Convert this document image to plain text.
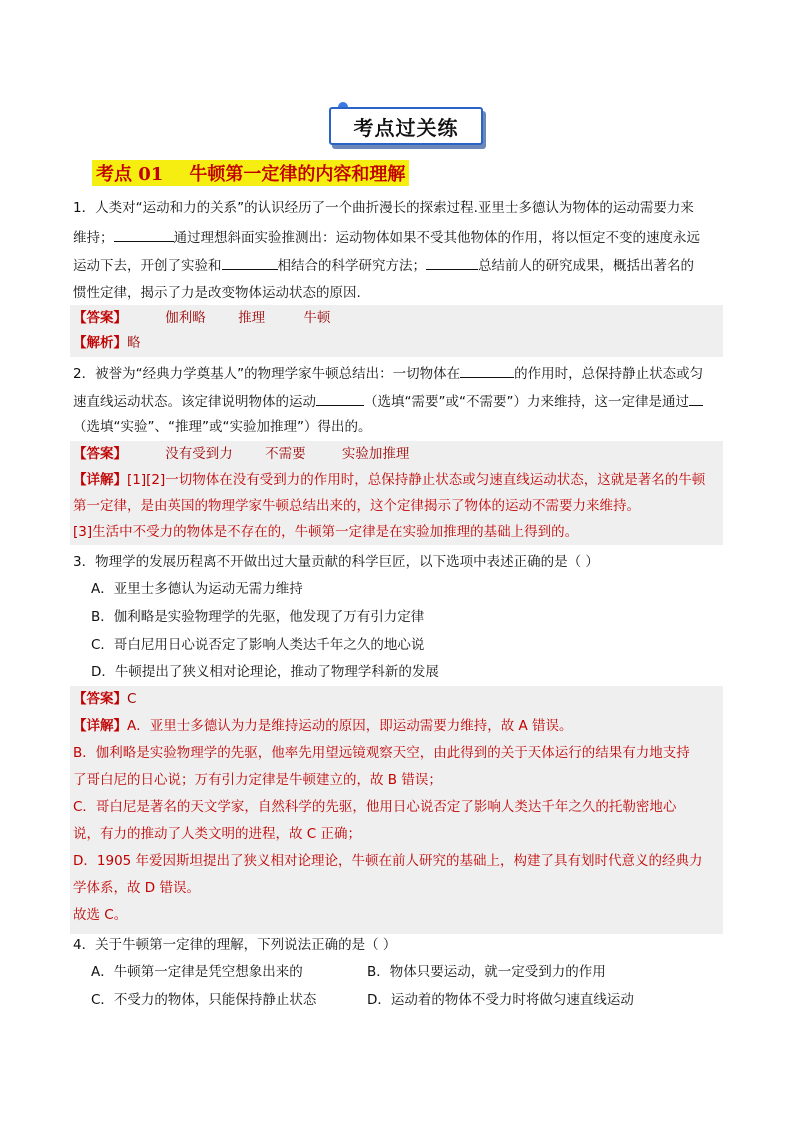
考点过关练
考点 01 牛顿第一定律的内容和理解
1．人类对“运动和力的关系”的认识经历了一个曲折漫长的探索过程.亚里士多德认为物体的运动需要力来
维持；	通过理想斜面实验推测出：运动物体如果不受其他物体的作用，将以恒定不变的速度永远
运动下去，开创了实验和	相结合的科学研究方法；	总结前人的研究成果，概括出著名的
惯性定律，揭示了力是改变物体运动状态的原因.
【答案】	伽利略 推理	牛顿
【解析】略
2．被誉为“经典力学奠基人”的物理学家牛顿总结出：一切物体在	的作用时，总保持静止状态或匀
速直线运动状态。该定律说明物体的运动	（选填“需要”或“不需要”）力来维持，这一定律是通过
（选填“实验”、“推理”或“实验加推理”）得出的。
【答案】	没有受到力 不需要	实验加推理
【详解】[1][2]一切物体在没有受到力的作用时，总保持静止状态或匀速直线运动状态，这就是著名的牛顿
第一定律，是由英国的物理学家牛顿总结出来的，这个定律揭示了物体的运动不需要力来维持。
[3]生活中不受力的物体是不存在的，牛顿第一定律是在实验加推理的基础上得到的。
3．物理学的发展历程离不开做出过大量贡献的科学巨匠，以下选项中表述正确的是（ ）
A．亚里士多德认为运动无需力维持
B．伽利略是实验物理学的先驱，他发现了万有引力定律
C．哥白尼用日心说否定了影响人类达千年之久的地心说
D．牛顿提出了狭义相对论理论，推动了物理学科新的发展
【答案】C
【详解】A．亚里士多德认为力是维持运动的原因，即运动需要力维持，故 A 错误。
B．伽利略是实验物理学的先驱，他率先用望远镜观察天空，由此得到的关于天体运行的结果有力地支持
了哥白尼的日心说；万有引力定律是牛顿建立的，故 B 错误；
C．哥白尼是著名的天文学家，自然科学的先驱，他用日心说否定了影响人类达千年之久的托勒密地心
说，有力的推动了人类文明的进程，故 C 正确；
D．1905 年爱因斯坦提出了狭义相对论理论，牛顿在前人研究的基础上，构建了具有划时代意义的经典力
学体系，故 D 错误。
故选 C。
4．关于牛顿第一定律的理解，下列说法正确的是（ ）
A．牛顿第一定律是凭空想象出来的	B．物体只要运动，就一定受到力的作用
C．不受力的物体，只能保持静止状态	D．运动着的物体不受力时将做匀速直线运动
